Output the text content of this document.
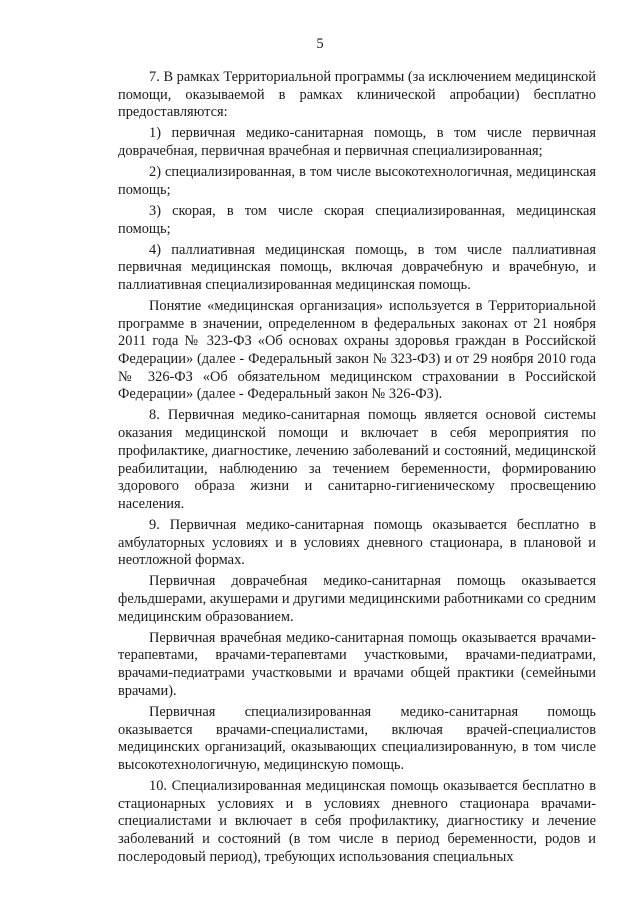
5

7. В рамках Территориальной программы (за исключением медицинской помощи, оказываемой в рамках клинической апробации) бесплатно предоставляются:

1) первичная медико-санитарная помощь, в том числе первичная доврачебная, первичная врачебная и первичная специализированная;

2) специализированная, в том числе высокотехнологичная, медицинская помощь;

3) скорая, в том числе скорая специализированная, медицинская помощь;

4) паллиативная медицинская помощь, в том числе паллиативная первичная медицинская помощь, включая доврачебную и врачебную, и паллиативная специализированная медицинская помощь.

Понятие «медицинская организация» используется в Территориальной программе в значении, определенном в федеральных законах от 21 ноября 2011 года № 323-ФЗ «Об основах охраны здоровья граждан в Российской Федерации» (далее - Федеральный закон № 323-ФЗ) и от 29 ноября 2010 года № 326-ФЗ «Об обязательном медицинском страховании в Российской Федерации» (далее - Федеральный закон № 326-ФЗ).

8. Первичная медико-санитарная помощь является основой системы оказания медицинской помощи и включает в себя мероприятия по профилактике, диагностике, лечению заболеваний и состояний, медицинской реабилитации, наблюдению за течением беременности, формированию здорового образа жизни и санитарно-гигиеническому просвещению населения.

9. Первичная медико-санитарная помощь оказывается бесплатно в амбулаторных условиях и в условиях дневного стационара, в плановой и неотложной формах.

Первичная доврачебная медико-санитарная помощь оказывается фельдшерами, акушерами и другими медицинскими работниками со средним медицинским образованием.

Первичная врачебная медико-санитарная помощь оказывается врачами-терапевтами, врачами-терапевтами участковыми, врачами-педиатрами, врачами-педиатрами участковыми и врачами общей практики (семейными врачами).

Первичная специализированная медико-санитарная помощь оказывается врачами-специалистами, включая врачей-специалистов медицинских организаций, оказывающих специализированную, в том числе высокотехнологичную, медицинскую помощь.

10. Специализированная медицинская помощь оказывается бесплатно в стационарных условиях и в условиях дневного стационара врачами-специалистами и включает в себя профилактику, диагностику и лечение заболеваний и состояний (в том числе в период беременности, родов и послеродовый период), требующих использования специальных
